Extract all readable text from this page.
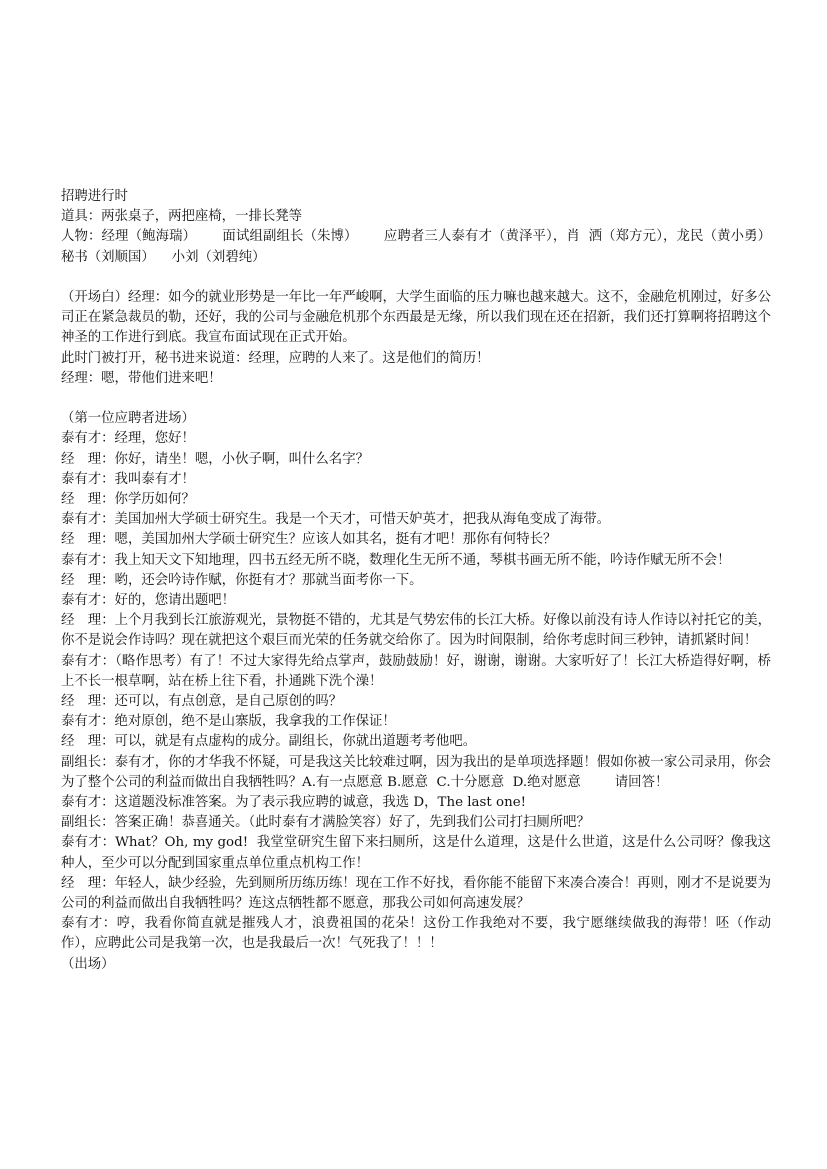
招聘进行时

道具：两张桌子，两把座椅，一排长凳等

人物：经理（鲍海瑞）      面试组副组长（朱博）      应聘者三人泰有才（黄泽平），肖  洒（郑方元），龙民（黄小勇）      秘书（刘顺国）    小刘（刘碧纯）

（开场白）经理：如今的就业形势是一年比一年严峻啊，大学生面临的压力嘛也越来越大。这不，金融危机刚过，好多公司正在紧急裁员的勒，还好，我的公司与金融危机那个东西最是无缘，所以我们现在还在招新，我们还打算啊将招聘这个神圣的工作进行到底。我宣布面试现在正式开始。

此时门被打开，秘书进来说道：经理，应聘的人来了。这是他们的简历！

经理：嗯，带他们进来吧！

（第一位应聘者进场）

泰有才：经理，您好！

经　理：你好，请坐！嗯，小伙子啊，叫什么名字？

泰有才：我叫泰有才！

经　理：你学历如何？

泰有才：美国加州大学硕士研究生。我是一个天才，可惜天妒英才，把我从海龟变成了海带。

经　理：嗯，美国加州大学硕士研究生？应该人如其名，挺有才吧！那你有何特长？

泰有才：我上知天文下知地理，四书五经无所不晓，数理化生无所不通，琴棋书画无所不能，吟诗作赋无所不会！

经　理：哟，还会吟诗作赋，你挺有才？那就当面考你一下。

泰有才：好的，您请出题吧！

经　理：上个月我到长江旅游观光，景物挺不错的，尤其是气势宏伟的长江大桥。好像以前没有诗人作诗以衬托它的美，你不是说会作诗吗？现在就把这个艰巨而光荣的任务就交给你了。因为时间限制，给你考虑时间三秒钟，请抓紧时间！

泰有才：（略作思考）有了！不过大家得先给点掌声，鼓励鼓励！好，谢谢，谢谢。大家听好了！长江大桥造得好啊，桥上不长一根草啊，站在桥上往下看，扑通跳下洗个澡！

经　理：还可以，有点创意，是自己原创的吗？

泰有才：绝对原创，绝不是山寨版，我拿我的工作保证！

经　理：可以，就是有点虚构的成分。副组长，你就出道题考考他吧。

副组长：泰有才，你的才华我不怀疑，可是我这关比较难过啊，因为我出的是单项选择题！假如你被一家公司录用，你会为了整个公司的利益而做出自我牺牲吗？A.有一点愿意 B.愿意  C.十分愿意  D.绝对愿意        请回答！

泰有才：这道题没标准答案。为了表示我应聘的诚意，我选 D，The last one!

副组长：答案正确！恭喜通关。（此时泰有才满脸笑容）好了，先到我们公司打扫厕所吧？

泰有才：What？Oh, my god!  我堂堂研究生留下来扫厕所，这是什么道理，这是什么世道，这是什么公司呀？像我这种人，至少可以分配到国家重点单位重点机构工作！

经　理：年轻人，缺少经验，先到厕所历练历练！现在工作不好找，看你能不能留下来凑合凑合！再则，刚才不是说要为公司的利益而做出自我牺牲吗？连这点牺牲都不愿意，那我公司如何高速发展？

泰有才：哼，我看你简直就是摧残人才，浪费祖国的花朵！这份工作我绝对不要，我宁愿继续做我的海带！呸（作动作），应聘此公司是我第一次，也是我最后一次！气死我了！！！

（出场）
